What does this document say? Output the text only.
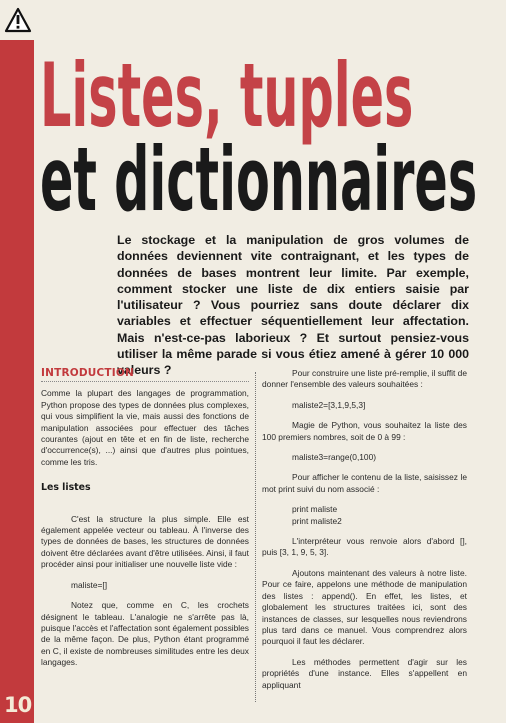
10
Listes, tuples
et dictionnaires

Le stockage et la manipulation de gros volumes de données deviennent vite contraignant, et les types de données de bases montrent leur limite. Par exemple, comment stocker une liste de dix entiers saisie par l'utilisateur ? Vous pourriez sans doute déclarer dix variables et effectuer séquentiellement leur affectation. Mais n'est-ce-pas laborieux ? Et surtout pensiez-vous utiliser la même parade si vous étiez amené à gérer 10 000 valeurs ?

INTRODUCTION

Comme la plupart des langages de programmation, Python propose des types de données plus complexes, qui vous simplifient la vie, mais aussi des fonctions de manipulation associées pour effectuer des tâches courantes (ajout en tête et en fin de liste, recherche d'occurrence(s), ...) ainsi que d'autres plus pointues, comme les tris.

Les listes

C'est la structure la plus simple. Elle est également appelée vecteur ou tableau. À l'inverse des types de données de bases, les structures de données doivent être déclarées avant d'être utilisées. Ainsi, il faut procéder ainsi pour initialiser une nouvelle liste vide :

maliste=[]

Notez que, comme en C, les crochets désignent le tableau. L'analogie ne s'arrête pas là, puisque l'accès et l'affectation sont également possibles de la même façon. De plus, Python étant programmé en C, il existe de nombreuses similitudes entre les deux langages.

Pour construire une liste pré-remplie, il suffit de donner l'ensemble des valeurs souhaitées :

maliste2=[3,1,9,5,3]

Magie de Python, vous souhaitez la liste des 100 premiers nombres, soit de 0 à 99 :

maliste3=range(0,100)

Pour afficher le contenu de la liste, saisissez le mot print suivi du nom associé :

print maliste

print maliste2

L'interpréteur vous renvoie alors d'abord [], puis [3, 1, 9, 5, 3].

Ajoutons maintenant des valeurs à notre liste. Pour ce faire, appelons une méthode de manipulation des listes : append(). En effet, les listes, et globalement les structures traitées ici, sont des instances de classes, sur lesquelles nous reviendrons plus tard dans ce manuel. Vous comprendrez alors pourquoi il faut les déclarer.

Les méthodes permettent d'agir sur les propriétés d'une instance. Elles s'appellent en appliquant
